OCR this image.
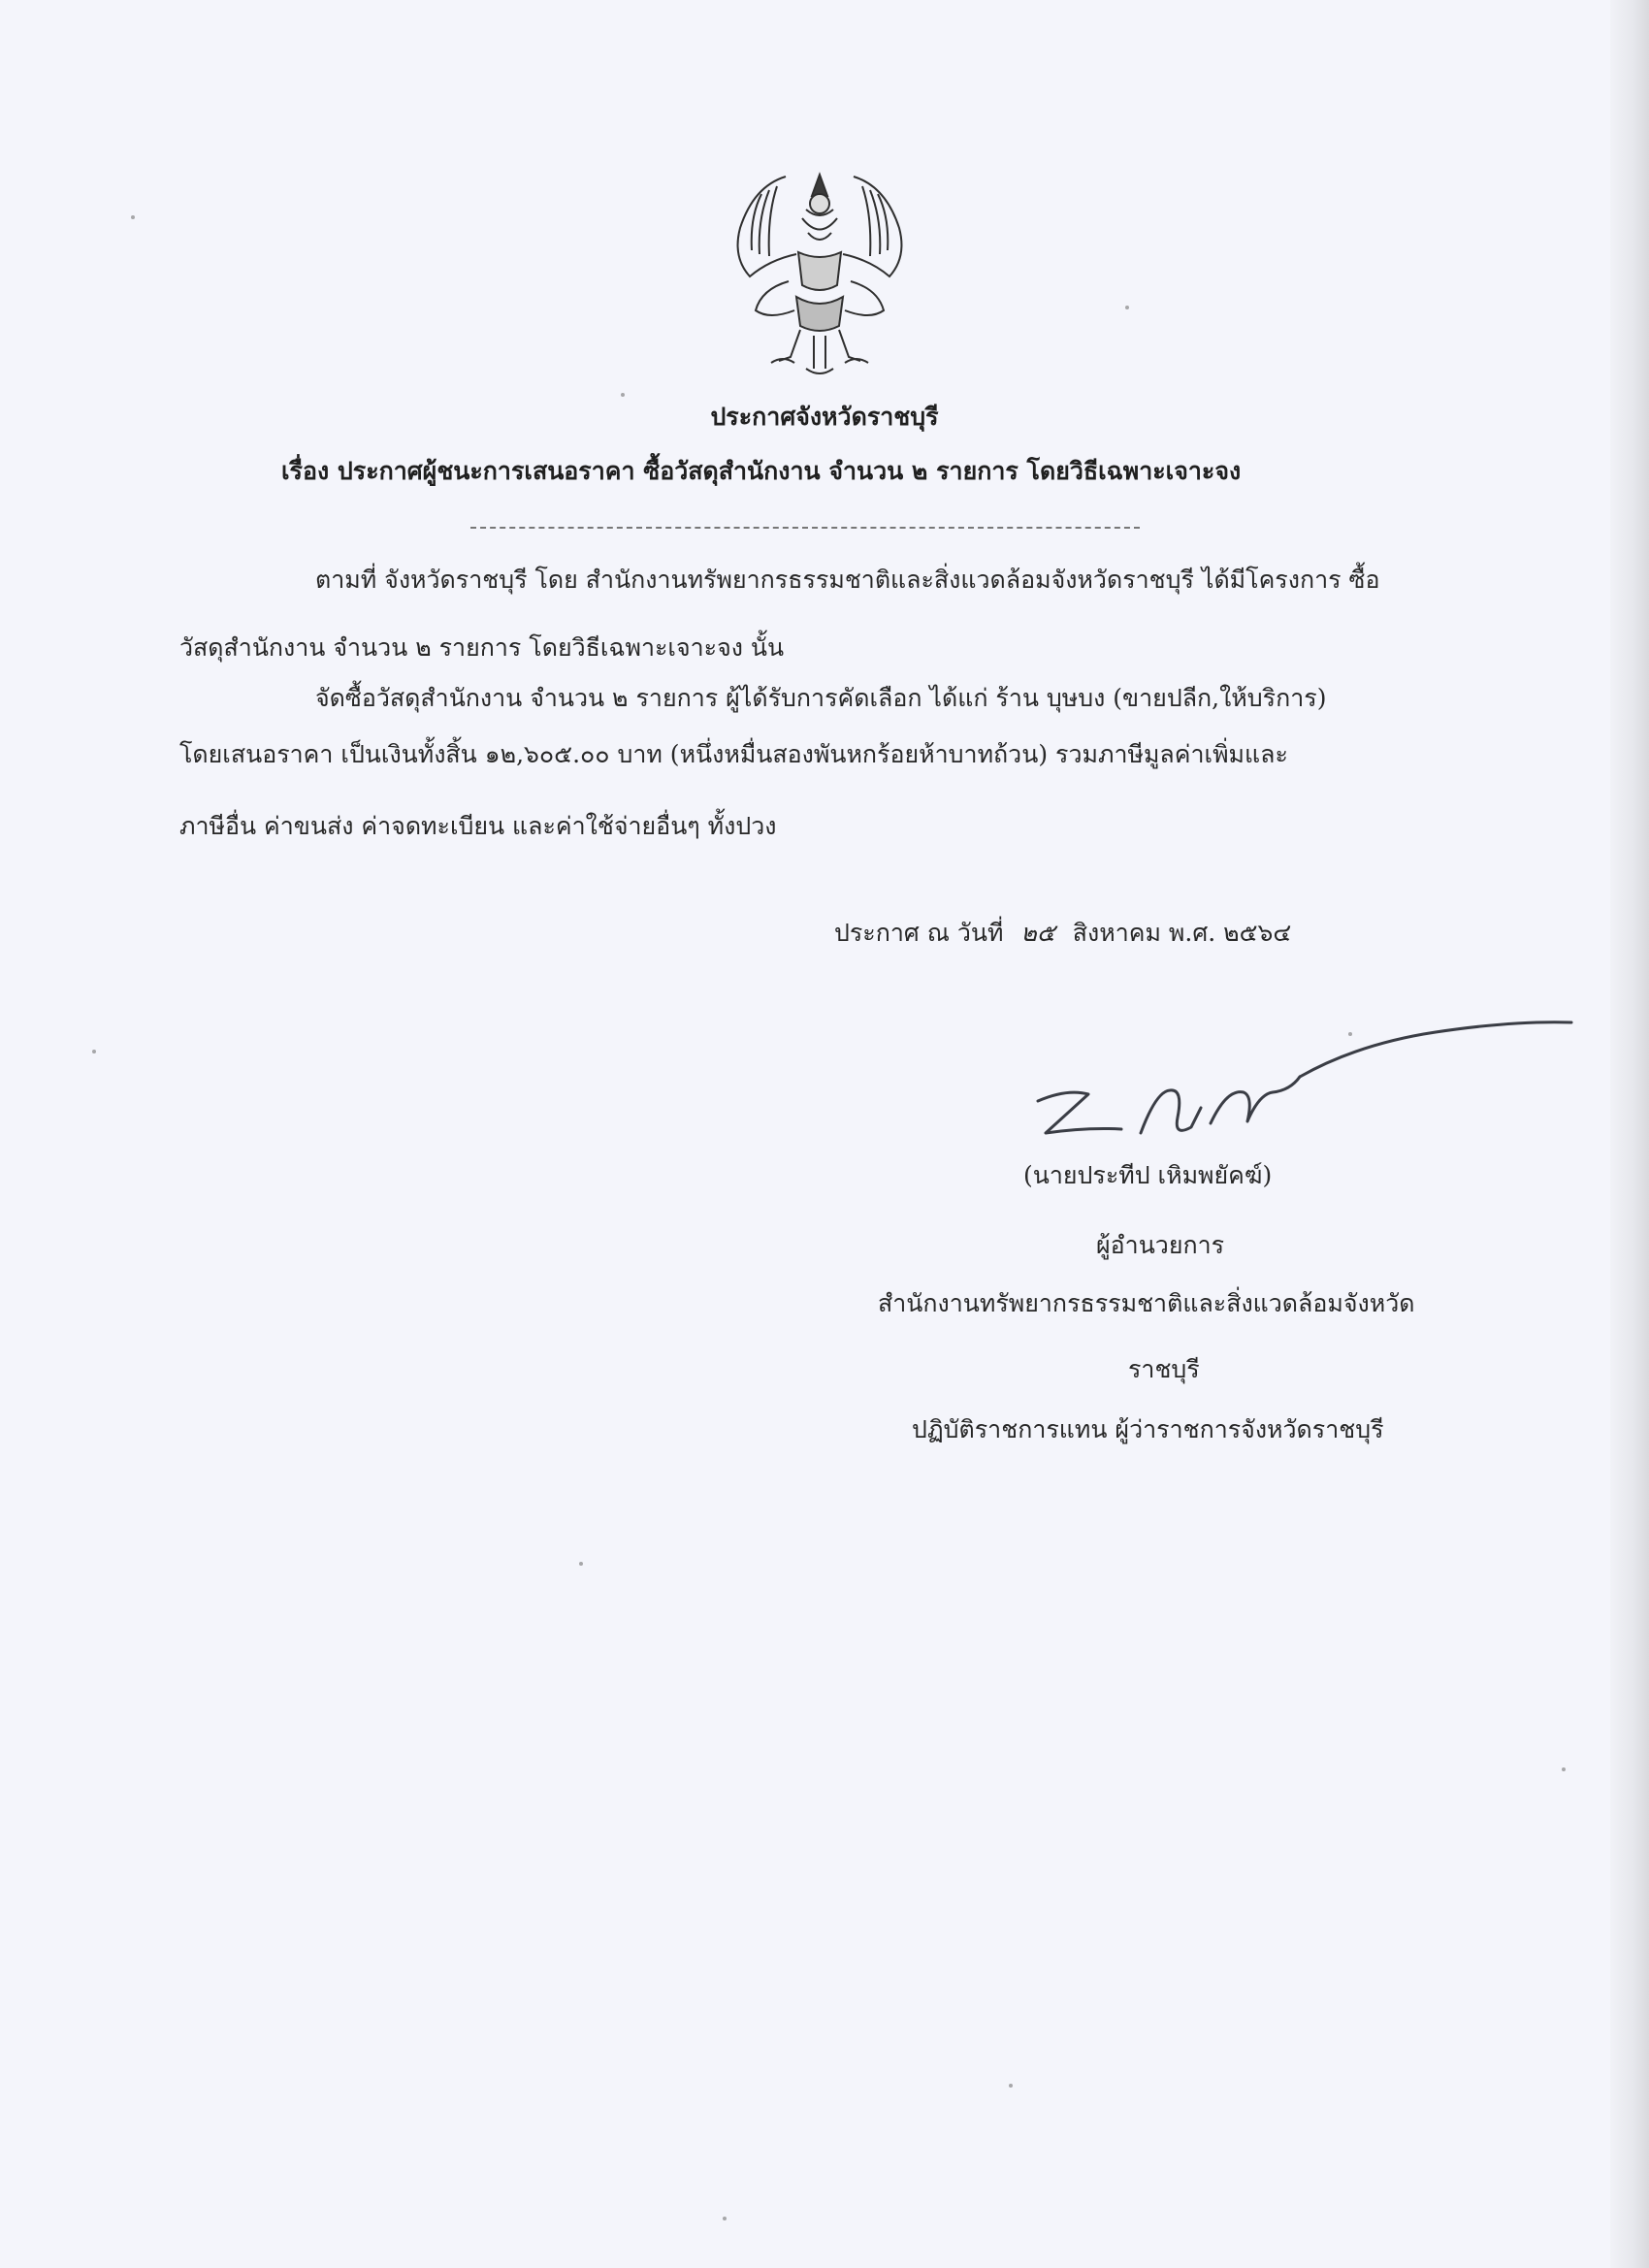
ประกาศจังหวัดราชบุรี
เรื่อง ประกาศผู้ชนะการเสนอราคา ซื้อวัสดุสำนักงาน จำนวน ๒ รายการ โดยวิธีเฉพาะเจาะจง
ตามที่ จังหวัดราชบุรี โดย สำนักงานทรัพยากรธรรมชาติและสิ่งแวดล้อมจังหวัดราชบุรี ได้มีโครงการ ซื้อ
วัสดุสำนักงาน จำนวน ๒ รายการ โดยวิธีเฉพาะเจาะจง นั้น
จัดซื้อวัสดุสำนักงาน จำนวน ๒ รายการ ผู้ได้รับการคัดเลือก ได้แก่ ร้าน บุษบง (ขายปลีก,ให้บริการ)
โดยเสนอราคา เป็นเงินทั้งสิ้น ๑๒,๖๐๕.๐๐ บาท (หนึ่งหมื่นสองพันหกร้อยห้าบาทถ้วน) รวมภาษีมูลค่าเพิ่มและ
ภาษีอื่น ค่าขนส่ง ค่าจดทะเบียน และค่าใช้จ่ายอื่นๆ ทั้งปวง
ประกาศ ณ วันที่ ๒๕ สิงหาคม พ.ศ. ๒๕๖๔
(นายประทีป เหิมพยัคฆ์)
ผู้อำนวยการ
สำนักงานทรัพยากรธรรมชาติและสิ่งแวดล้อมจังหวัด
ราชบุรี
ปฏิบัติราชการแทน ผู้ว่าราชการจังหวัดราชบุรี
